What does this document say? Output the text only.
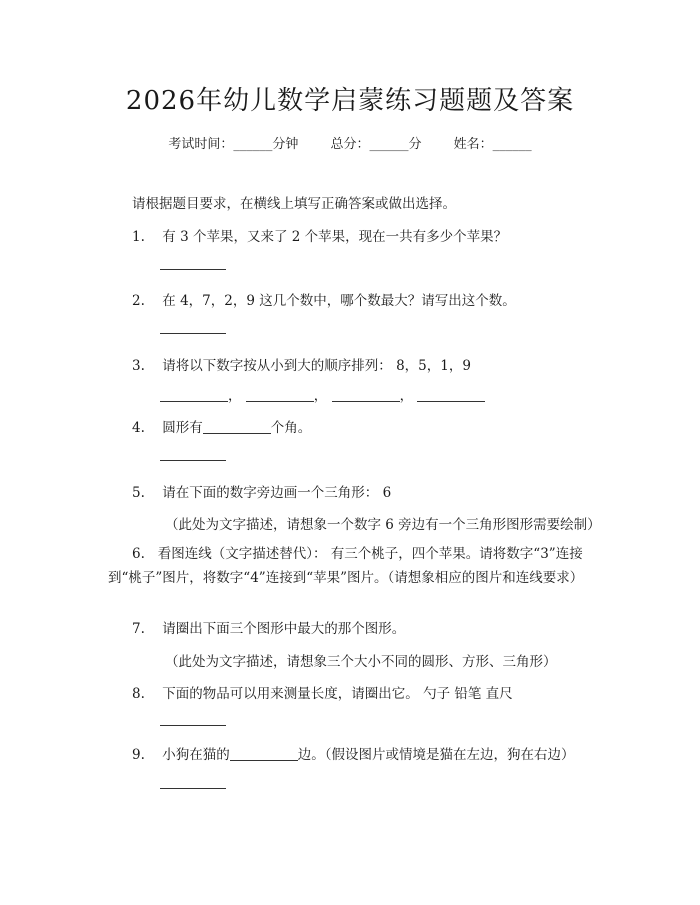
2026年幼儿数学启蒙练习题题及答案
考试时间：______分钟 总分：______分 姓名：______
请根据题目要求，在横线上填写正确答案或做出选择。
1. 有 3 个苹果，又来了 2 个苹果，现在一共有多少个苹果？
2. 在 4，7，2，9 这几个数中，哪个数最大？请写出这个数。
3. 请将以下数字按从小到大的顺序排列： 8，5，1，9
，	，	，
4. 圆形有	个角。
5. 请在下面的数字旁边画一个三角形： 6
（此处为文字描述，请想象一个数字 6 旁边有一个三角形图形需要绘制）
6. 看图连线（文字描述替代）： 有三个桃子，四个苹果。请将数字“3”连接到“桃子”图片，将数字“4”连接到“苹果”图片。（请想象相应的图片和连线要求）
7. 请圈出下面三个图形中最大的那个图形。
（此处为文字描述，请想象三个大小不同的圆形、方形、三角形）
8. 下面的物品可以用来测量长度，请圈出它。 勺子 铅笔 直尺
9. 小狗在猫的	边。（假设图片或情境是猫在左边，狗在右边）
